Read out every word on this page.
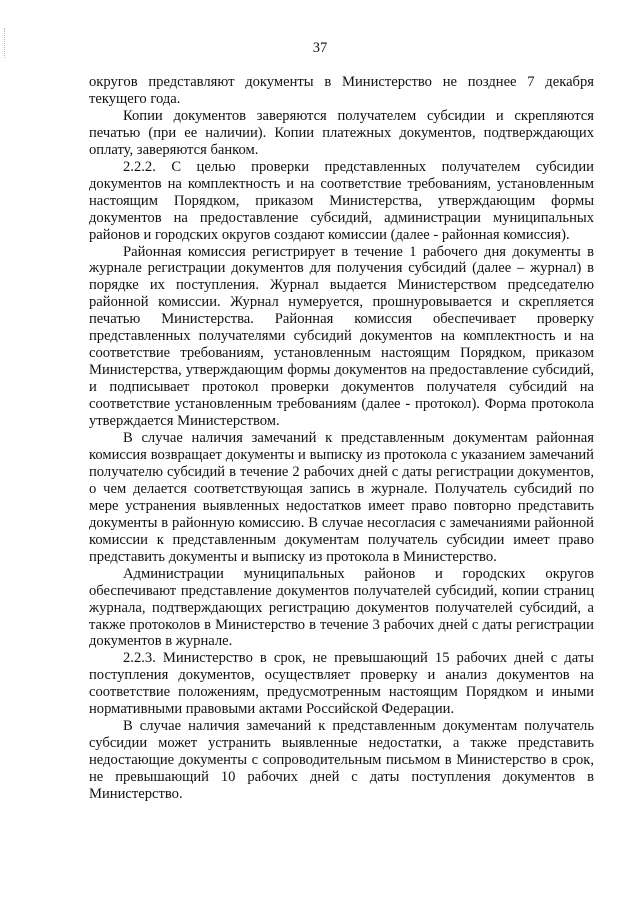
37

округов представляют документы в Министерство не позднее 7 декабря текущего года.

Копии документов заверяются получателем субсидии и скрепляются печатью (при ее наличии). Копии платежных документов, подтверждающих оплату, заверяются банком.

2.2.2. С целью проверки представленных получателем субсидии документов на комплектность и на соответствие требованиям, установленным настоящим Порядком, приказом Министерства, утверждающим формы документов на предоставление субсидий, администрации муниципальных районов и городских округов создают комиссии (далее - районная комиссия).

Районная комиссия регистрирует в течение 1 рабочего дня документы в журнале регистрации документов для получения субсидий (далее – журнал) в порядке их поступления. Журнал выдается Министерством председателю районной комиссии. Журнал нумеруется, прошнуровывается и скрепляется печатью Министерства. Районная комиссия обеспечивает проверку представленных получателями субсидий документов на комплектность и на соответствие требованиям, установленным настоящим Порядком, приказом Министерства, утверждающим формы документов на предоставление субсидий, и подписывает протокол проверки документов получателя субсидий на соответствие установленным требованиям (далее - протокол). Форма протокола утверждается Министерством.

В случае наличия замечаний к представленным документам районная комиссия возвращает документы и выписку из протокола с указанием замечаний получателю субсидий в течение 2 рабочих дней с даты регистрации документов, о чем делается соответствующая запись в журнале. Получатель субсидий по мере устранения выявленных недостатков имеет право повторно представить документы в районную комиссию. В случае несогласия с замечаниями районной комиссии к представленным документам получатель субсидии имеет право представить документы и выписку из протокола в Министерство.

Администрации муниципальных районов и городских округов обеспечивают представление документов получателей субсидий, копии страниц журнала, подтверждающих регистрацию документов получателей субсидий, а также протоколов в Министерство в течение 3 рабочих дней с даты регистрации документов в журнале.

2.2.3. Министерство в срок, не превышающий 15 рабочих дней с даты поступления документов, осуществляет проверку и анализ документов на соответствие положениям, предусмотренным настоящим Порядком и иными нормативными правовыми актами Российской Федерации.

В случае наличия замечаний к представленным документам получатель субсидии может устранить выявленные недостатки, а также представить недостающие документы с сопроводительным письмом в Министерство в срок, не превышающий 10 рабочих дней с даты поступления документов в Министерство.
